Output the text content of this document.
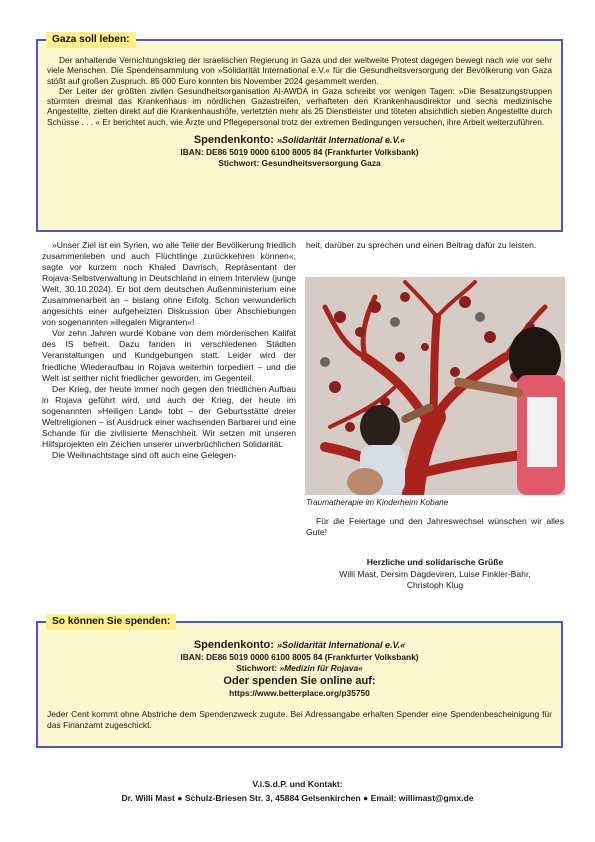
Gaza soll leben:

Der anhaltende Vernichtungskrieg der israelischen Regierung in Gaza und der weltweite Protest dagegen bewegt nach wie vor sehr viele Menschen. Die Spendensammlung von »Solidarität International e.V.« für die Gesundheitsversorgung der Bevölkerung von Gaza stößt auf großen Zuspruch. 85 000 Euro konnten bis November 2024 gesammelt werden.

Der Leiter der größten zivilen Gesundheitsorganisation Al-AWDA in Gaza schreibt vor wenigen Tagen: »Die Besatzungstruppen stürmten dreimal das Krankenhaus im nördlichen Gazastreifen, verhafteten den Krankenhausdirektor und sechs medizinische Angestellte, zielten direkt auf die Krankenhaushöfe, verletzten mehr als 25 Dienstleister und töteten absichtlich sieben Angestellte durch Schüsse . . . « Er berichtet auch, wie Ärzte und Pflegepersonal trotz der extremen Bedingungen versuchen, ihre Arbeit weiterzuführen.

Spendenkonto: »Solidarität International e.V.«
IBAN: DE86 5019 0000 6100 8005 84 (Frankfurter Volksbank)
Stichwort: Gesundheitsversorgung Gaza

»Unser Ziel ist ein Syrien, wo alle Teile der Bevölkerung friedlich zusammenleben und auch Flüchtlinge zurückkehren können«, sagte vor kurzem noch Khaled Davrisch, Repräsentant der Rojava-Selbstverwaltung in Deutschland in einem Interview (junge Welt, 30.10.2024). Er bot dem deutschen Außenministerium eine Zusammenarbeit an – bislang ohne Erfolg. Schon verwunderlich angesichts einer aufgeheizten Diskussion über Abschiebungen von sogenannten »illegalen Migranten«!

Vor zehn Jahren wurde Kobane von dem mörderischen Kalifat des IS befreit. Dazu fanden in verschiedenen Städten Veranstaltungen und Kundgebungen statt. Leider wird der friedliche Wiederaufbau in Rojava weiterhin torpediert – und die Welt ist seither nicht friedlicher geworden, im Gegenteil.

Der Krieg, der heute immer noch gegen den friedlichen Aufbau in Rojava geführt wird, und auch der Krieg, der heute im sogenannten »Heiligen Land« tobt – der Geburtsstätte dreier Weltreligionen – ist Ausdruck einer wachsenden Barbarei und eine Schande für die zivilisierte Menschheit. Wir setzen mit unseren Hilfsprojekten ein Zeichen unserer unverbrüchlichen Solidarität.

Die Weihnachtstage sind oft auch eine Gelegen-

heit, darüber zu sprechen und einen Beitrag dafür zu leisten.

Traumatherapie im Kinderheim Kobane

Für die Feiertage und den Jahreswechsel wünschen wir alles Gute!

Herzliche und solidarische Grüße
Willi Mast, Dersim Dagdeviren, Luise Finkler-Bahr, Christoph Klug
So können Sie spenden:
Spendenkonto: »Solidarität International e.V.«
IBAN: DE86 5019 0000 6100 8005 84 (Frankfurter Volksbank)
Stichwort: »Medizin für Rojava«
Oder spenden Sie online auf:
https://www.betterplace.org/p35750

Jeder Cent kommt ohne Abstriche dem Spendenzweck zugute. Bei Adressangabe erhalten Spender eine Spendenbescheinigung für das Finanzamt zugeschickt.

V.i.S.d.P. und Kontakt:
Dr. Willi Mast ● Schulz-Briesen Str. 3, 45884 Gelsenkirchen ● Email: willimast@gmx.de
